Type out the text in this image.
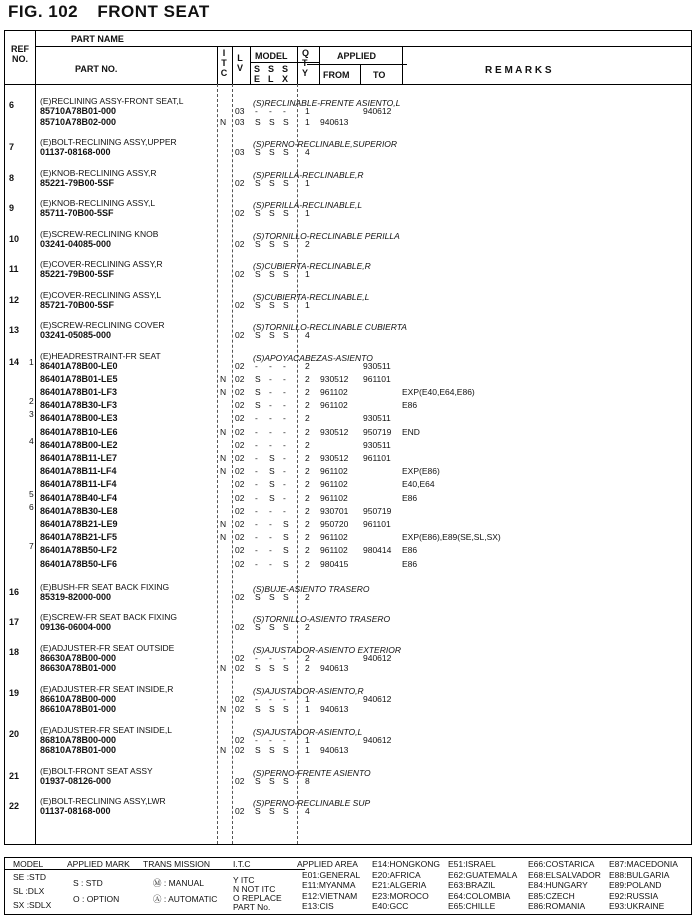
FIG. 102 FRONT SEAT
REF
NO.
PART NAME
PART NO.
I T C
L V
MODEL
S E
S L
S X
Q T Y
APPLIED
FROM	TO	R E M A R K S
6	(E)RECLINING ASSY-FRONT SEAT,L	(S)RECLINABLE-FRENTE ASIENTO,L
85710A78B01-000	03 - - - 1	940612
85710A78B02-000	N 03 S S S 1 940613
7	(E)BOLT-RECLINING ASSY,UPPER	(S)PERNO-RECLINABLE,SUPERIOR
01137-08168-000	03 S S S 4
8	(E)KNOB-RECLINING ASSY,R	(S)PERILLA-RECLINABLE,R
85221-79B00-5SF	02 S S S 1
9	(E)KNOB-RECLINING ASSY,L	(S)PERILLA-RECLINABLE,L
85711-70B00-5SF	02 S S S 1
10 (E)SCREW-RECLINING KNOB	(S)TORNILLO-RECLINABLE PERILLA
03241-04085-000	02 S S S 2
11	(E)COVER-RECLINING ASSY,R	(S)CUBIERTA-RECLINABLE,R
85221-79B00-5SF	02 S S S 1
12 (E)COVER-RECLINING ASSY,L	(S)CUBIERTA-RECLINABLE,L
85721-70B00-5SF	02 S S S 1
13 (E)SCREW-RECLINING COVER	(S)TORNILLO-RECLINABLE CUBIERTA
03241-05085-000	02 S S S 4
14
(E)HEADRESTRAINT-FR SEAT	(S)APOYACABEZAS-ASIENTO
1 86401A78B00-LE0	02 - - - 2	930511
86401A78B01-LE5	N 02 S - - 2 930512 961101
86401A78B01-LF3	N 02 S - - 2 961102	EXP(E40,E64,E86)
2 86401A78B30-LF3	02 S - - 2 961102	E86
3 86401A78B00-LE3	02 - - - 2	930511
86401A78B10-LE6	N 02 - - - 2 930512 950719 END
4 86401A78B00-LE2	02 - - - 2	930511
86401A78B11-LE7	N 02 - S - 2 930512 961101
86401A78B11-LF4	N 02 - S - 2 961102	EXP(E86)
86401A78B11-LF4	02 - S - 2 961102	E40,E64
5 86401A78B40-LF4	02 - S - 2 961102	E86
6 86401A78B30-LE8	02 - - - 2 930701 950719
86401A78B21-LE9	N 02 - - S 2 950720 961101
86401A78B21-LF5	N 02 - - S 2 961102	EXP(E86),E89(SE,SL,SX)
7 86401A78B50-LF2	02 - - S 2 961102 980414 E86
86401A78B50-LF6	02 - - S 2 980415	E86
16 (E)BUSH-FR SEAT BACK FIXING	(S)BUJE-ASIENTO TRASERO
85319-82000-000	02 S S S 2
17 (E)SCREW-FR SEAT BACK FIXING	(S)TORNILLO-ASIENTO TRASERO
09136-06004-000	02 S S S 2
18 (E)ADJUSTER-FR SEAT OUTSIDE	(S)AJUSTADOR-ASIENTO EXTERIOR
86630A78B00-000	02 - - - 2	940612
86630A78B01-000	N 02 S S S 2 940613
19 (E)ADJUSTER-FR SEAT INSIDE,R	(S)AJUSTADOR-ASIENTO,R
86610A78B00-000	02 - - - 1	940612
86610A78B01-000	N 02 S S S 1 940613
20 (E)ADJUSTER-FR SEAT INSIDE,L	(S)AJUSTADOR-ASIENTO,L
86810A78B00-000	02 - - - 1	940612
86810A78B01-000	N 02 S S S 1 940613
21 (E)BOLT-FRONT SEAT ASSY	(S)PERNO-FRENTE ASIENTO
01937-08126-000	02 S S S 8
22 (E)BOLT-RECLINING ASSY,LWR	(S)PERNO-RECLINABLE SUP
01137-08168-000	02 S S S 4
MODEL	APPLIED MARK TRANS MISSION	I.T.C	APPLIED AREA
SE :STD
SL :DLX
SX :SDLX
S : STD
O : OPTION
Ⓜ : MANUAL
Ⓐ : AUTOMATIC
Y ITC
N NOT ITC
O REPLACE
PART No.
E01:GENERAL
E11:MYANMA
E12:VIETNAM
E13:CIS
E14:HONGKONG
E20:AFRICA
E21:ALGERIA
E23:MOROCO
E40:GCC
E51:ISRAEL
E62:GUATEMALA
E63:BRAZIL
E64:COLOMBIA
E65:CHILLE
E66:COSTARICA
E68:ELSALVADOR
E84:HUNGARY
E85:CZECH
E86:ROMANIA
E87:MACEDONIA
E88:BULGARIA
E89:POLAND
E92:RUSSIA
E93:UKRAINE
